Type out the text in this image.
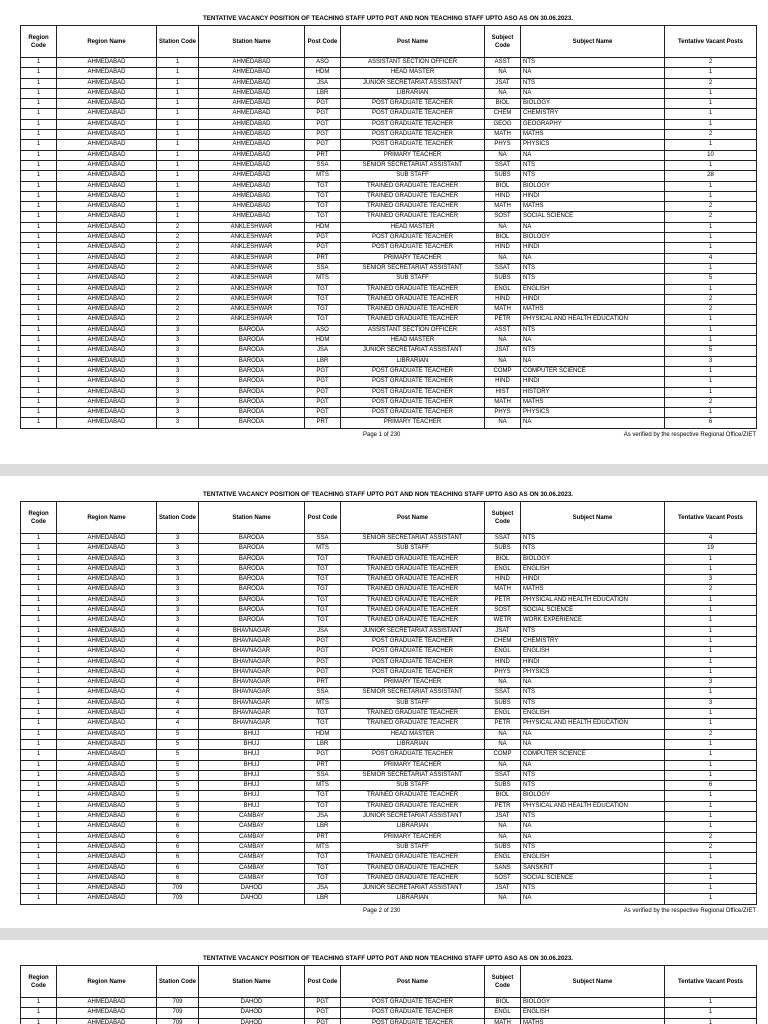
TENTATIVE VACANCY POSITION OF TEACHING STAFF UPTO PGT AND NON TEACHING STAFF UPTO ASO AS ON 30.06.2023.
Region Code	Region Name	Station Code	Station Name	Post Code	Post Name	Subject Code	Subject Name	Tentative Vacant Posts
1	AHMEDABAD	1	AHMEDABAD	ASO	ASSISTANT SECTION OFFICER	ASST	NTS	2
1	AHMEDABAD	1	AHMEDABAD	HDM	HEAD MASTER	NA	NA	1
1	AHMEDABAD	1	AHMEDABAD	JSA	JUNIOR SECRETARIAT ASSISTANT	JSAT	NTS	2
1	AHMEDABAD	1	AHMEDABAD	LBR	LIBRARIAN	NA	NA	1
1	AHMEDABAD	1	AHMEDABAD	PGT	POST GRADUATE TEACHER	BIOL	BIOLOGY	1
1	AHMEDABAD	1	AHMEDABAD	PGT	POST GRADUATE TEACHER	CHEM	CHEMISTRY	1
1	AHMEDABAD	1	AHMEDABAD	PGT	POST GRADUATE TEACHER	GEOG	GEOGRAPHY	1
1	AHMEDABAD	1	AHMEDABAD	PGT	POST GRADUATE TEACHER	MATH	MATHS	2
1	AHMEDABAD	1	AHMEDABAD	PGT	POST GRADUATE TEACHER	PHYS	PHYSICS	1
1	AHMEDABAD	1	AHMEDABAD	PRT	PRIMARY TEACHER	NA	NA	10
1	AHMEDABAD	1	AHMEDABAD	SSA	SENIOR SECRETARIAT ASSISTANT	SSAT	NTS	1
1	AHMEDABAD	1	AHMEDABAD	MTS	SUB STAFF	SUBS	NTS	28
1	AHMEDABAD	1	AHMEDABAD	TGT	TRAINED GRADUATE TEACHER	BIOL	BIOLOGY	1
1	AHMEDABAD	1	AHMEDABAD	TGT	TRAINED GRADUATE TEACHER	HIND	HINDI	1
1	AHMEDABAD	1	AHMEDABAD	TGT	TRAINED GRADUATE TEACHER	MATH	MATHS	2
1	AHMEDABAD	1	AHMEDABAD	TGT	TRAINED GRADUATE TEACHER	SOST	SOCIAL SCIENCE	2
1	AHMEDABAD	2	ANKLESHWAR	HDM	HEAD MASTER	NA	NA	1
1	AHMEDABAD	2	ANKLESHWAR	PGT	POST GRADUATE TEACHER	BIOL	BIOLOGY	1
1	AHMEDABAD	2	ANKLESHWAR	PGT	POST GRADUATE TEACHER	HIND	HINDI	1
1	AHMEDABAD	2	ANKLESHWAR	PRT	PRIMARY TEACHER	NA	NA	4
1	AHMEDABAD	2	ANKLESHWAR	SSA	SENIOR SECRETARIAT ASSISTANT	SSAT	NTS	1
1	AHMEDABAD	2	ANKLESHWAR	MTS	SUB STAFF	SUBS	NTS	5
1	AHMEDABAD	2	ANKLESHWAR	TGT	TRAINED GRADUATE TEACHER	ENGL	ENGLISH	1
1	AHMEDABAD	2	ANKLESHWAR	TGT	TRAINED GRADUATE TEACHER	HIND	HINDI	2
1	AHMEDABAD	2	ANKLESHWAR	TGT	TRAINED GRADUATE TEACHER	MATH	MATHS	2
1	AHMEDABAD	2	ANKLESHWAR	TGT	TRAINED GRADUATE TEACHER	PETR	PHYSICAL AND HEALTH EDUCATION	1
1	AHMEDABAD	3	BARODA	ASO	ASSISTANT SECTION OFFICER	ASST	NTS	1
1	AHMEDABAD	3	BARODA	HDM	HEAD MASTER	NA	NA	1
1	AHMEDABAD	3	BARODA	JSA	JUNIOR SECRETARIAT ASSISTANT	JSAT	NTS	5
1	AHMEDABAD	3	BARODA	LBR	LIBRARIAN	NA	NA	3
1	AHMEDABAD	3	BARODA	PGT	POST GRADUATE TEACHER	COMP	COMPUTER SCIENCE	1
1	AHMEDABAD	3	BARODA	PGT	POST GRADUATE TEACHER	HIND	HINDI	1
1	AHMEDABAD	3	BARODA	PGT	POST GRADUATE TEACHER	HIST	HISTORY	1
1	AHMEDABAD	3	BARODA	PGT	POST GRADUATE TEACHER	MATH	MATHS	2
1	AHMEDABAD	3	BARODA	PGT	POST GRADUATE TEACHER	PHYS	PHYSICS	1
1	AHMEDABAD	3	BARODA	PRT	PRIMARY TEACHER	NA	NA	6
Page 1 of 230	As verified by the respective Regional Office/ZIET
TENTATIVE VACANCY POSITION OF TEACHING STAFF UPTO PGT AND NON TEACHING STAFF UPTO ASO AS ON 30.06.2023.
Region Code	Region Name	Station Code	Station Name	Post Code	Post Name	Subject Code	Subject Name	Tentative Vacant Posts
1	AHMEDABAD	3	BARODA	SSA	SENIOR SECRETARIAT ASSISTANT	SSAT	NTS	4
1	AHMEDABAD	3	BARODA	MTS	SUB STAFF	SUBS	NTS	19
1	AHMEDABAD	3	BARODA	TGT	TRAINED GRADUATE TEACHER	BIOL	BIOLOGY	1
1	AHMEDABAD	3	BARODA	TGT	TRAINED GRADUATE TEACHER	ENGL	ENGLISH	1
1	AHMEDABAD	3	BARODA	TGT	TRAINED GRADUATE TEACHER	HIND	HINDI	3
1	AHMEDABAD	3	BARODA	TGT	TRAINED GRADUATE TEACHER	MATH	MATHS	2
1	AHMEDABAD	3	BARODA	TGT	TRAINED GRADUATE TEACHER	PETR	PHYSICAL AND HEALTH EDUCATION	1
1	AHMEDABAD	3	BARODA	TGT	TRAINED GRADUATE TEACHER	SOST	SOCIAL SCIENCE	1
1	AHMEDABAD	3	BARODA	TGT	TRAINED GRADUATE TEACHER	WETR	WORK EXPERIENCE	1
1	AHMEDABAD	4	BHAVNAGAR	JSA	JUNIOR SECRETARIAT ASSISTANT	JSAT	NTS	1
1	AHMEDABAD	4	BHAVNAGAR	PGT	POST GRADUATE TEACHER	CHEM	CHEMISTRY	1
1	AHMEDABAD	4	BHAVNAGAR	PGT	POST GRADUATE TEACHER	ENGL	ENGLISH	1
1	AHMEDABAD	4	BHAVNAGAR	PGT	POST GRADUATE TEACHER	HIND	HINDI	1
1	AHMEDABAD	4	BHAVNAGAR	PGT	POST GRADUATE TEACHER	PHYS	PHYSICS	1
1	AHMEDABAD	4	BHAVNAGAR	PRT	PRIMARY TEACHER	NA	NA	3
1	AHMEDABAD	4	BHAVNAGAR	SSA	SENIOR SECRETARIAT ASSISTANT	SSAT	NTS	1
1	AHMEDABAD	4	BHAVNAGAR	MTS	SUB STAFF	SUBS	NTS	3
1	AHMEDABAD	4	BHAVNAGAR	TGT	TRAINED GRADUATE TEACHER	ENGL	ENGLISH	1
1	AHMEDABAD	4	BHAVNAGAR	TGT	TRAINED GRADUATE TEACHER	PETR	PHYSICAL AND HEALTH EDUCATION	1
1	AHMEDABAD	5	BHUJ	HDM	HEAD MASTER	NA	NA	2
1	AHMEDABAD	5	BHUJ	LBR	LIBRARIAN	NA	NA	1
1	AHMEDABAD	5	BHUJ	PGT	POST GRADUATE TEACHER	COMP	COMPUTER SCIENCE	1
1	AHMEDABAD	5	BHUJ	PRT	PRIMARY TEACHER	NA	NA	1
1	AHMEDABAD	5	BHUJ	SSA	SENIOR SECRETARIAT ASSISTANT	SSAT	NTS	1
1	AHMEDABAD	5	BHUJ	MTS	SUB STAFF	SUBS	NTS	6
1	AHMEDABAD	5	BHUJ	TGT	TRAINED GRADUATE TEACHER	BIOL	BIOLOGY	1
1	AHMEDABAD	5	BHUJ	TGT	TRAINED GRADUATE TEACHER	PETR	PHYSICAL AND HEALTH EDUCATION	1
1	AHMEDABAD	6	CAMBAY	JSA	JUNIOR SECRETARIAT ASSISTANT	JSAT	NTS	1
1	AHMEDABAD	6	CAMBAY	LBR	LIBRARIAN	NA	NA	1
1	AHMEDABAD	6	CAMBAY	PRT	PRIMARY TEACHER	NA	NA	2
1	AHMEDABAD	6	CAMBAY	MTS	SUB STAFF	SUBS	NTS	2
1	AHMEDABAD	6	CAMBAY	TGT	TRAINED GRADUATE TEACHER	ENGL	ENGLISH	1
1	AHMEDABAD	6	CAMBAY	TGT	TRAINED GRADUATE TEACHER	SANS	SANSKRIT	1
1	AHMEDABAD	6	CAMBAY	TGT	TRAINED GRADUATE TEACHER	SOST	SOCIAL SCIENCE	1
1	AHMEDABAD	709	DAHOD	JSA	JUNIOR SECRETARIAT ASSISTANT	JSAT	NTS	1
1	AHMEDABAD	709	DAHOD	LBR	LIBRARIAN	NA	NA	1
Page 2 of 230	As verified by the respective Regional Office/ZIET
TENTATIVE VACANCY POSITION OF TEACHING STAFF UPTO PGT AND NON TEACHING STAFF UPTO ASO AS ON 30.06.2023.
Region Code	Region Name	Station Code	Station Name	Post Code	Post Name	Subject Code	Subject Name	Tentative Vacant Posts
1	AHMEDABAD	709	DAHOD	PGT	POST GRADUATE TEACHER	BIOL	BIOLOGY	1
1	AHMEDABAD	709	DAHOD	PGT	POST GRADUATE TEACHER	ENGL	ENGLISH	1
1	AHMEDABAD	709	DAHOD	PGT	POST GRADUATE TEACHER	MATH	MATHS	1
